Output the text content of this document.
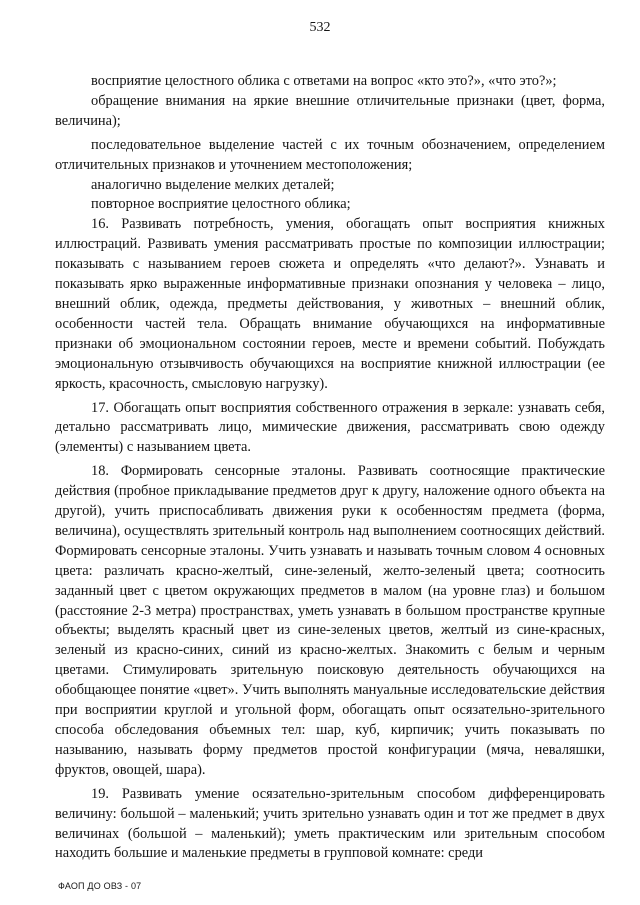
532

восприятие целостного облика с ответами на вопрос «кто это?», «что это?»;

обращение внимания на яркие внешние отличительные признаки (цвет, форма, величина);

последовательное выделение частей с их точным обозначением, определением отличительных признаков и уточнением местоположения;

аналогично выделение мелких деталей;

повторное восприятие целостного облика;

16. Развивать потребность, умения, обогащать опыт восприятия книжных иллюстраций. Развивать умения рассматривать простые по композиции иллюстрации; показывать с называнием героев сюжета и определять «что делают?». Узнавать и показывать ярко выраженные информативные признаки опознания у человека – лицо, внешний облик, одежда, предметы действования, у животных – внешний облик, особенности частей тела. Обращать внимание обучающихся на информативные признаки об эмоциональном состоянии героев, месте и времени событий. Побуждать эмоциональную отзывчивость обучающихся на восприятие книжной иллюстрации (ее яркость, красочность, смысловую нагрузку).

17. Обогащать опыт восприятия собственного отражения в зеркале: узнавать себя, детально рассматривать лицо, мимические движения, рассматривать свою одежду (элементы) с называнием цвета.

18. Формировать сенсорные эталоны. Развивать соотносящие практические действия (пробное прикладывание предметов друг к другу, наложение одного объекта на другой), учить приспосабливать движения руки к особенностям предмета (форма, величина), осуществлять зрительный контроль над выполнением соотносящих действий. Формировать сенсорные эталоны. Учить узнавать и называть точным словом 4 основных цвета: различать красно-желтый, сине-зеленый, желто-зеленый цвета; соотносить заданный цвет с цветом окружающих предметов в малом (на уровне глаз) и большом (расстояние 2-3 метра) пространствах, уметь узнавать в большом пространстве крупные объекты; выделять красный цвет из сине-зеленых цветов, желтый из сине-красных, зеленый из красно-синих, синий из красно-желтых. Знакомить с белым и черным цветами. Стимулировать зрительную поисковую деятельность обучающихся на обобщающее понятие «цвет». Учить выполнять мануальные исследовательские действия при восприятии круглой и угольной форм, обогащать опыт осязательно-зрительного способа обследования объемных тел: шар, куб, кирпичик; учить показывать по называнию, называть форму предметов простой конфигурации (мяча, неваляшки, фруктов, овощей, шара).

19. Развивать умение осязательно-зрительным способом дифференцировать величину: большой – маленький; учить зрительно узнавать один и тот же предмет в двух величинах (большой – маленький); уметь практическим или зрительным способом находить большие и маленькие предметы в групповой комнате: среди

ФАОП ДО ОВЗ - 07
